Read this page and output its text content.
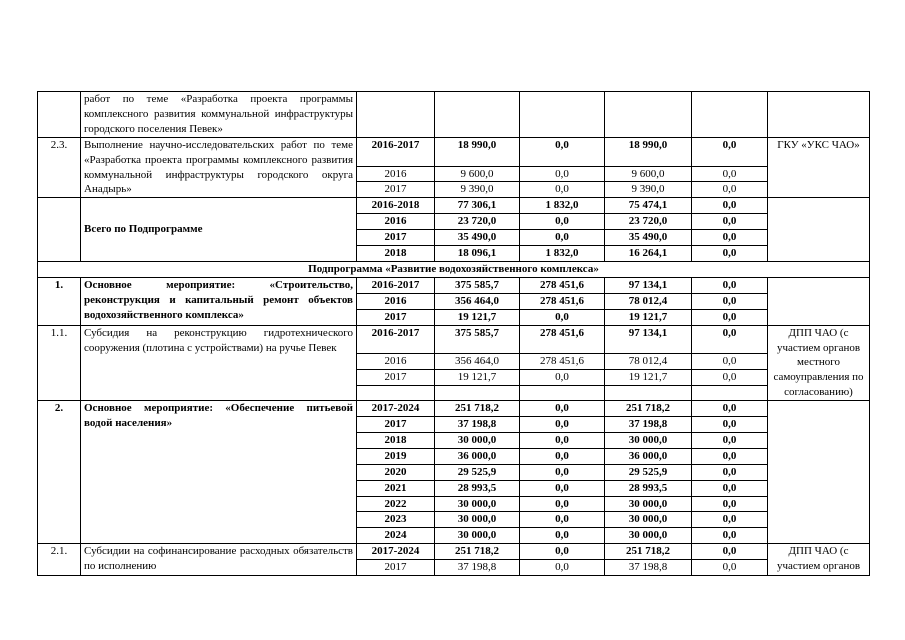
	работ по теме «Разработка проекта программы комплексного развития коммунальной инфраструктуры городского поселения Певек»						
2.3.	Выполнение научно-исследовательских работ по теме «Разработка проекта программы комплексного развития коммунальной инфраструктуры городского округа Анадырь»	2016-2017	18 990,0	0,0	18 990,0	0,0	ГКУ «УКС ЧАО»
		2016	9 600,0	0,0	9 600,0	0,0	
		2017	9 390,0	0,0	9 390,0	0,0	
	Всего по Подпрограмме	2016-2018	77 306,1	1 832,0	75 474,1	0,0	
		2016	23 720,0	0,0	23 720,0	0,0	
		2017	35 490,0	0,0	35 490,0	0,0	
		2018	18 096,1	1 832,0	16 264,1	0,0	
Подпрограмма «Развитие водохозяйственного комплекса»							
1.	Основное мероприятие: «Строительство, реконструкция и капитальный ремонт объектов водохозяйственного комплекса»	2016-2017	375 585,7	278 451,6	97 134,1	0,0	
		2016	356 464,0	278 451,6	78 012,4	0,0	
		2017	19 121,7	0,0	19 121,7	0,0	
1.1.	Субсидия на реконструкцию гидротехнического сооружения (плотина с устройствами) на ручье Певек	2016-2017	375 585,7	278 451,6	97 134,1	0,0	ДПП ЧАО (с участием органов местного самоуправления по согласованию)
		2016	356 464,0	278 451,6	78 012,4	0,0	
		2017	19 121,7	0,0	19 121,7	0,0	

2.	Основное мероприятие: «Обеспечение питьевой водой населения»	2017-2024	251 718,2	0,0	251 718,2	0,0	
		2017	37 198,8	0,0	37 198,8	0,0	
		2018	30 000,0	0,0	30 000,0	0,0	
		2019	36 000,0	0,0	36 000,0	0,0	
		2020	29 525,9	0,0	29 525,9	0,0	
		2021	28 993,5	0,0	28 993,5	0,0	
		2022	30 000,0	0,0	30 000,0	0,0	
		2023	30 000,0	0,0	30 000,0	0,0	
		2024	30 000,0	0,0	30 000,0	0,0	
2.1.	Субсидии на софинансирование расходных обязательств по исполнению	2017-2024	251 718,2	0,0	251 718,2	0,0	ДПП ЧАО (с участием органов
		2017	37 198,8	0,0	37 198,8	0,0	
